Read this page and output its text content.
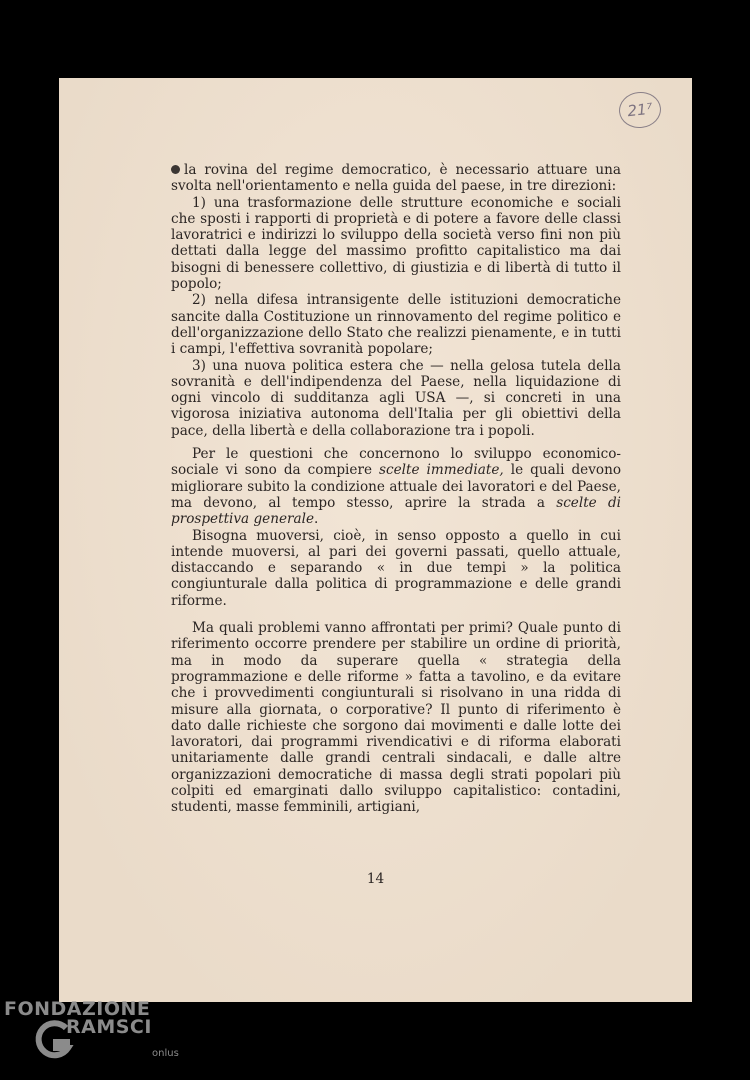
21
⁷

la rovina del regime democratico, è necessario attuare una svolta nell'orientamento e nella guida del paese, in tre direzioni:

1) una trasformazione delle strutture economiche e sociali che sposti i rapporti di proprietà e di potere a favore delle classi lavoratrici e indirizzi lo sviluppo della società verso fini non più dettati dalla legge del massimo profitto capitalistico ma dai bisogni di benessere collettivo, di giustizia e di libertà di tutto il popolo;

2) nella difesa intransigente delle istituzioni democratiche sancite dalla Costituzione un rinnovamento del regime politico e dell'organizzazione dello Stato che realizzi pienamente, e in tutti i campi, l'effettiva sovranità popolare;

3) una nuova politica estera che — nella gelosa tutela della sovranità e dell'indipendenza del Paese, nella liquidazione di ogni vincolo di sudditanza agli USA —, si concreti in una vigorosa iniziativa autonoma dell'Italia per gli obiettivi della pace, della libertà e della collaborazione tra i popoli.

Per le questioni che concernono lo sviluppo economico-sociale vi sono da compiere scelte immediate, le quali devono migliorare subito la condizione attuale dei lavoratori e del Paese, ma devono, al tempo stesso, aprire la strada a scelte di prospettiva generale.

Bisogna muoversi, cioè, in senso opposto a quello in cui intende muoversi, al pari dei governi passati, quello attuale, distaccando e separando « in due tempi » la politica congiunturale dalla politica di programmazione e delle grandi riforme.

Ma quali problemi vanno affrontati per primi? Quale punto di riferimento occorre prendere per stabilire un ordine di priorità, ma in modo da superare quella « strategia della programmazione e delle riforme » fatta a tavolino, e da evitare che i provvedimenti congiunturali si risolvano in una ridda di misure alla giornata, o corporative? Il punto di riferimento è dato dalle richieste che sorgono dai movimenti e dalle lotte dei lavoratori, dai programmi rivendicativi e di riforma elaborati unitariamente dalle grandi centrali sindacali, e dalle altre organizzazioni democratiche di massa degli strati popolari più colpiti ed emarginati dallo sviluppo capitalistico: contadini, studenti, masse femminili, artigiani,

14
FONDAZIONE
RAMSCI
onlus
